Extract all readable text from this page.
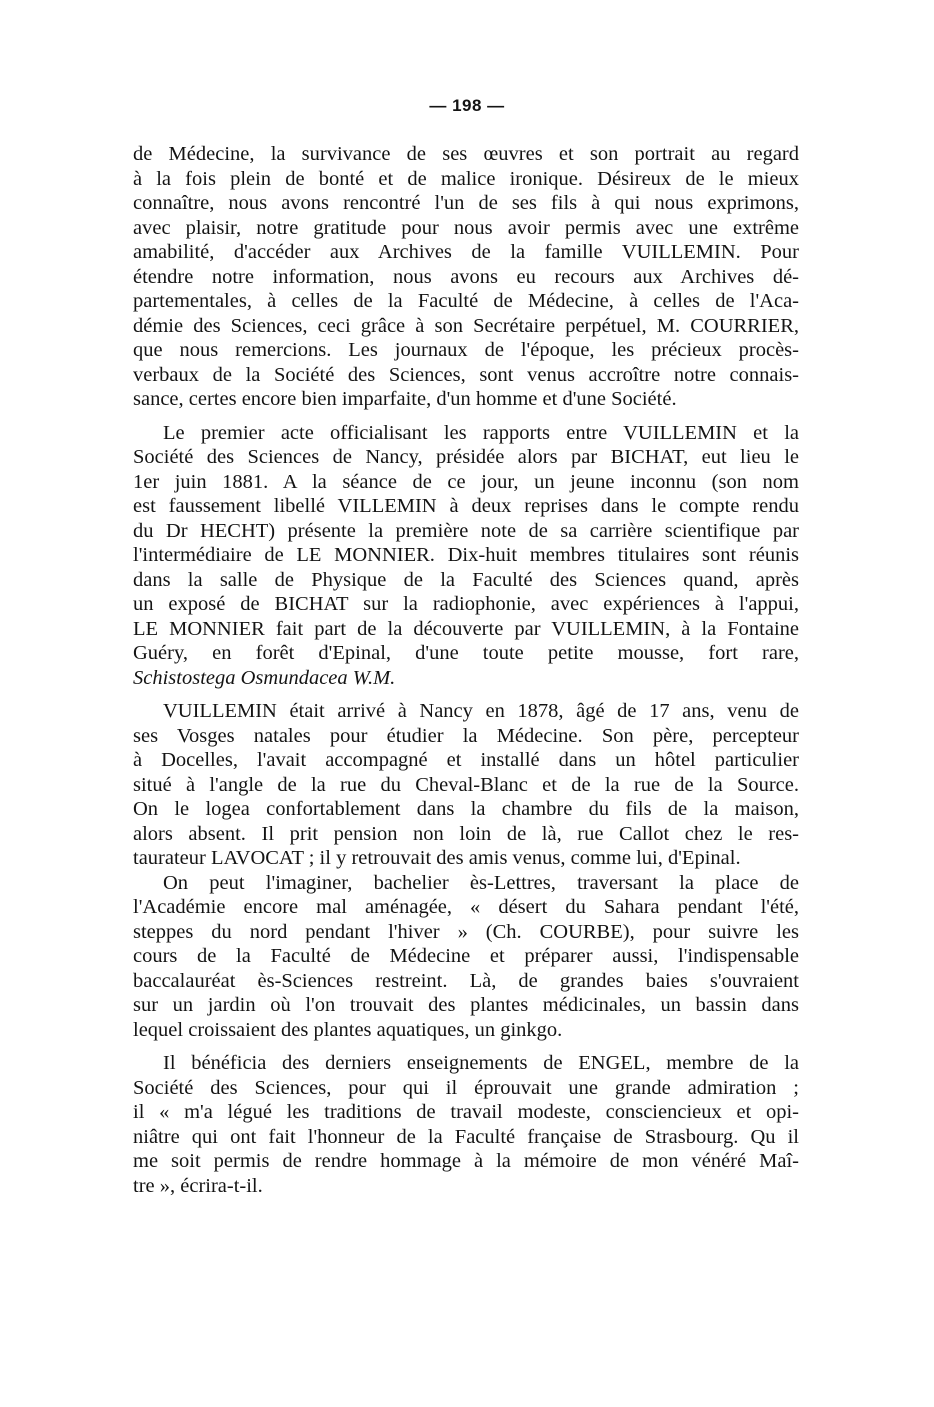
— 198 —
de Médecine, la survivance de ses œuvres et son portrait au regard
à la fois plein de bonté et de malice ironique. Désireux de le mieux
connaître, nous avons rencontré l'un de ses fils à qui nous exprimons,
avec plaisir, notre gratitude pour nous avoir permis avec une extrême
amabilité, d'accéder aux Archives de la famille VUILLEMIN. Pour
étendre notre information, nous avons eu recours aux Archives dé-
partementales, à celles de la Faculté de Médecine, à celles de l'Aca-
démie des Sciences, ceci grâce à son Secrétaire perpétuel, M. COURRIER,
que nous remercions. Les journaux de l'époque, les précieux procès-
verbaux de la Société des Sciences, sont venus accroître notre connais-
sance, certes encore bien imparfaite, d'un homme et d'une Société.
Le premier acte officialisant les rapports entre VUILLEMIN et la
Société des Sciences de Nancy, présidée alors par BICHAT, eut lieu le
1er juin 1881. A la séance de ce jour, un jeune inconnu (son nom
est faussement libellé VILLEMIN à deux reprises dans le compte rendu
du Dr HECHT) présente la première note de sa carrière scientifique par
l'intermédiaire de LE MONNIER. Dix-huit membres titulaires sont réunis
dans la salle de Physique de la Faculté des Sciences quand, après
un exposé de BICHAT sur la radiophonie, avec expériences à l'appui,
LE MONNIER fait part de la découverte par VUILLEMIN, à la Fontaine
Guéry, en forêt d'Epinal, d'une toute petite mousse, fort rare,
Schistostega Osmundacea W.M.
VUILLEMIN était arrivé à Nancy en 1878, âgé de 17 ans, venu de
ses Vosges natales pour étudier la Médecine. Son père, percepteur
à Docelles, l'avait accompagné et installé dans un hôtel particulier
situé à l'angle de la rue du Cheval-Blanc et de la rue de la Source.
On le logea confortablement dans la chambre du fils de la maison,
alors absent. Il prit pension non loin de là, rue Callot chez le res-
taurateur LAVOCAT ; il y retrouvait des amis venus, comme lui, d'Epinal.
On peut l'imaginer, bachelier ès-Lettres, traversant la place de
l'Académie encore mal aménagée, « désert du Sahara pendant l'été,
steppes du nord pendant l'hiver » (Ch. COURBE), pour suivre les
cours de la Faculté de Médecine et préparer aussi, l'indispensable
baccalauréat ès-Sciences restreint. Là, de grandes baies s'ouvraient
sur un jardin où l'on trouvait des plantes médicinales, un bassin dans
lequel croissaient des plantes aquatiques, un ginkgo.
Il bénéficia des derniers enseignements de ENGEL, membre de la
Société des Sciences, pour qui il éprouvait une grande admiration ;
il « m'a légué les traditions de travail modeste, consciencieux et opi-
niâtre qui ont fait l'honneur de la Faculté française de Strasbourg. Qu il
me soit permis de rendre hommage à la mémoire de mon vénéré Maî-
tre », écrira-t-il.
